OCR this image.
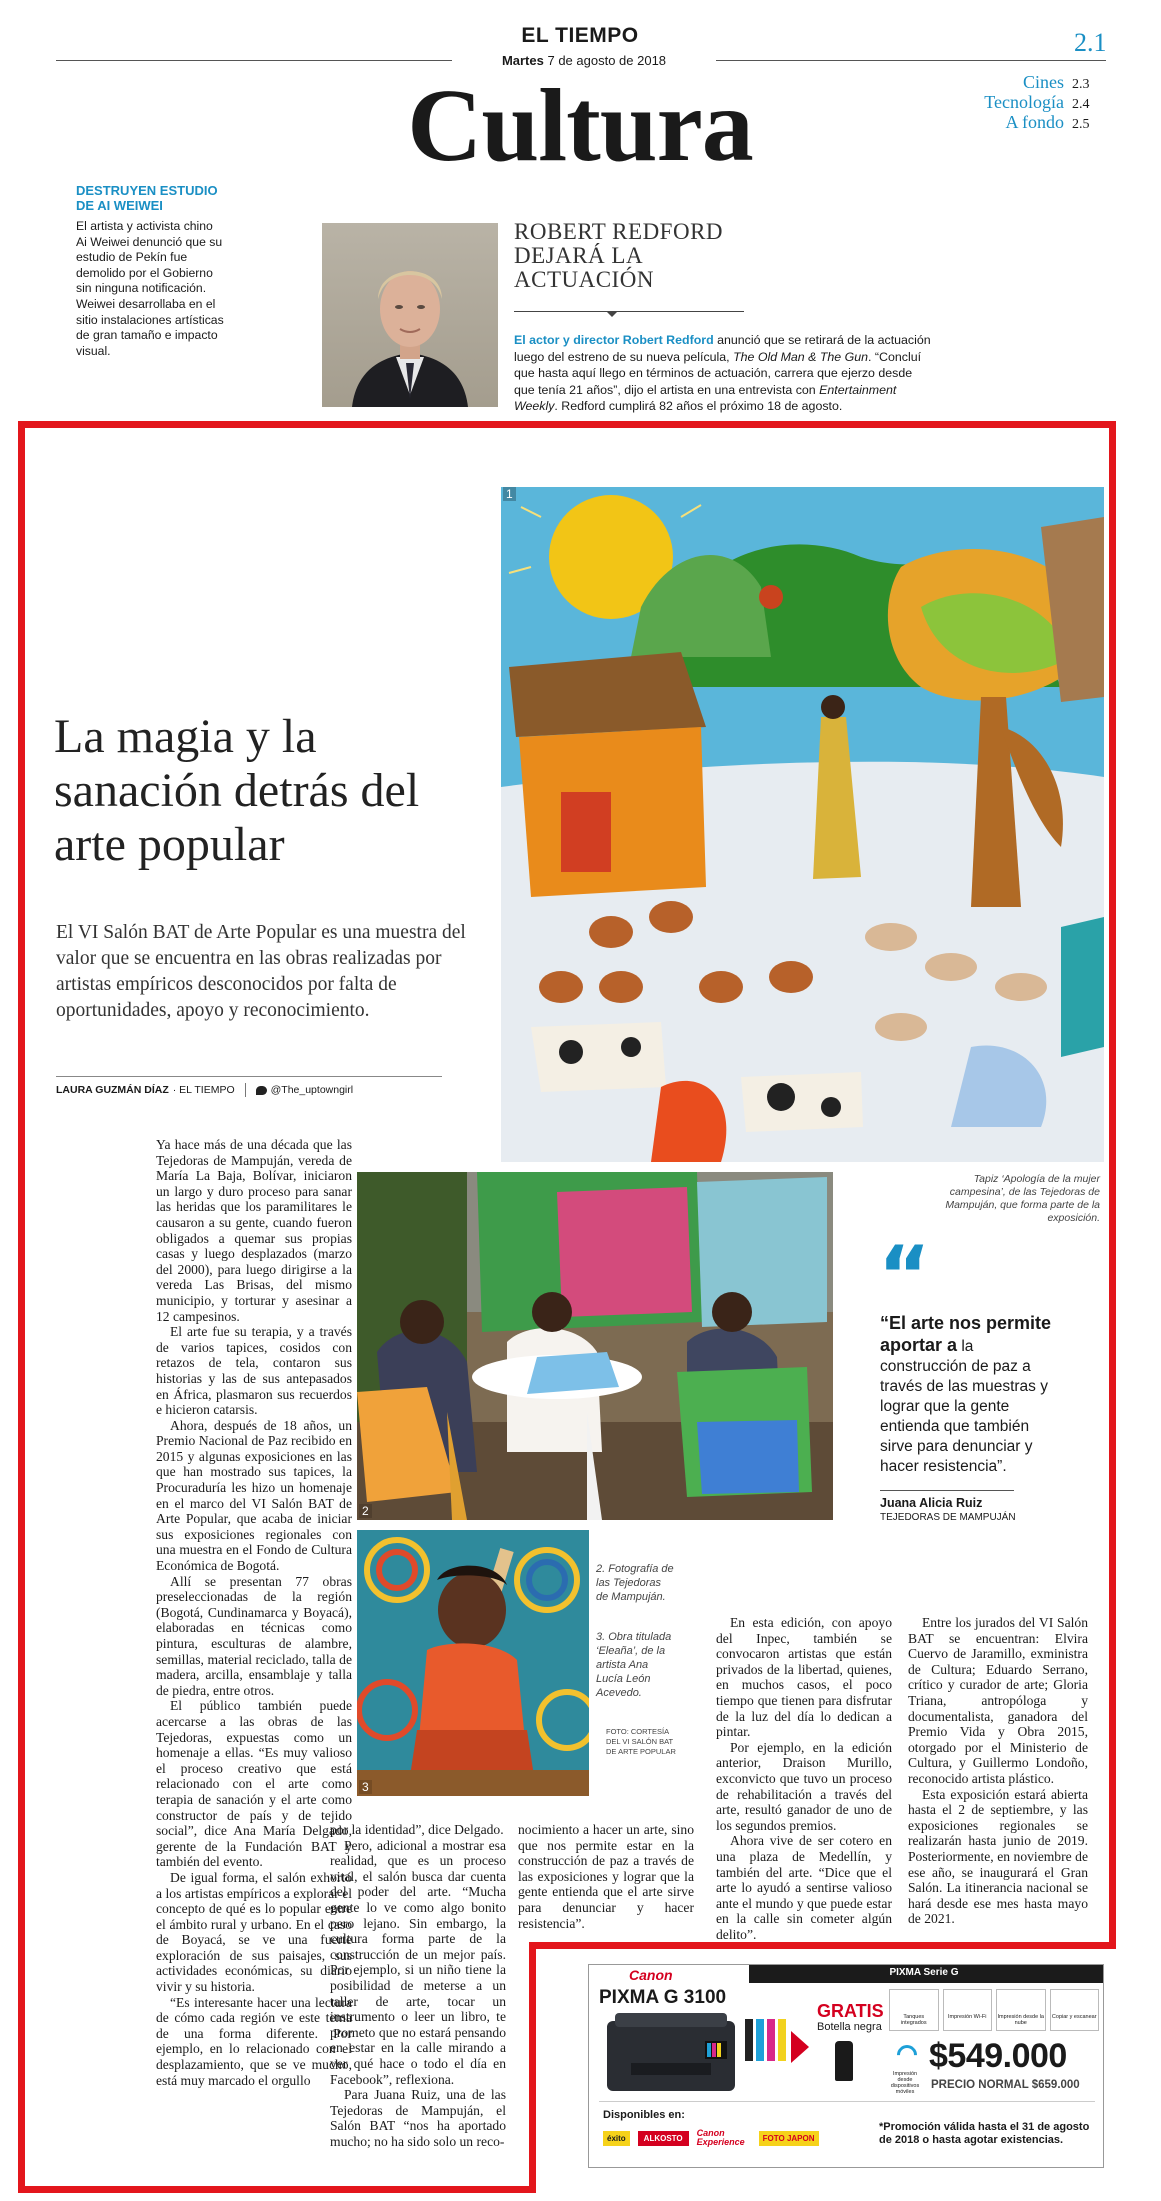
EL TIEMPO
Martes 7 de agosto de 2018
Cultura
2.1
Cines 2.3
Tecnología 2.4
A fondo 2.5
DESTRUYEN ESTUDIO DE AI WEIWEI
El artista y activista chino Ai Weiwei denunció que su estudio de Pekín fue demolido por el Gobierno sin ninguna notificación. Weiwei desarrollaba en el sitio instalaciones artísticas de gran tamaño e impacto visual.
ROBERT REDFORD DEJARÁ LA ACTUACIÓN
El actor y director Robert Redford anunció que se retirará de la actuación luego del estreno de su nueva película, The Old Man & The Gun. “Concluí que hasta aquí llego en términos de actuación, carrera que ejerzo desde que tenía 21 años”, dijo el artista en una entrevista con Entertainment Weekly. Redford cumplirá 82 años el próximo 18 de agosto.
La magia y la sanación detrás del arte popular
El VI Salón BAT de Arte Popular es una muestra del valor que se encuentra en las obras realizadas por artistas empíricos desconocidos por falta de oportunidades, apoyo y reconocimiento.
LAURA GUZMÁN DÍAZ · EL TIEMPO	@The_uptowngirl
1
Tapiz ‘Apología de la mujer campesina’, de las Tejedoras de Mampuján, que forma parte de la exposición.
2
“
“El arte nos permite aportar a la construcción de paz a través de las muestras y lograr que la gente entienda que también sirve para denunciar y hacer resistencia”.
Juana Alicia Ruiz
TEJEDORAS DE MAMPUJÁN
3
2. Fotografía de las Tejedoras de Mampuján.
3. Obra titulada ‘Eleaña’, de la artista Ana Lucía León Acevedo.
FOTO: CORTESÍA DEL VI SALÓN BAT DE ARTE POPULAR

Ya hace más de una década que las Tejedoras de Mampuján, vereda de María La Baja, Bolívar, iniciaron un largo y duro proceso para sanar las heridas que los paramilitares le causaron a su gente, cuando fueron obligados a quemar sus propias casas y luego desplazados (marzo del 2000), para luego dirigirse a la vereda Las Brisas, del mismo municipio, y torturar y asesinar a 12 campesinos.

El arte fue su terapia, y a través de varios tapices, cosidos con retazos de tela, contaron sus historias y las de sus antepasados en África, plasmaron sus recuerdos e hicieron catarsis.

Ahora, después de 18 años, un Premio Nacional de Paz recibido en 2015 y algunas exposiciones en las que han mostrado sus tapices, la Procuraduría les hizo un homenaje en el marco del VI Salón BAT de Arte Popular, que acaba de iniciar sus exposiciones regionales con una muestra en el Fondo de Cultura Económica de Bogotá.

Allí se presentan 77 obras preseleccionadas de la región (Bogotá, Cundinamarca y Boyacá), elaboradas en técnicas como pintura, esculturas de alambre, semillas, material reciclado, talla de madera, arcilla, ensamblaje y talla de piedra, entre otros.

El público también puede acercarse a las obras de las Tejedoras, expuestas como un homenaje a ellas. “Es muy valioso el proceso creativo que está relacionado con el arte como terapia de sanación y el arte como constructor de país y de tejido social”, dice Ana María Delgado, gerente de la Fundación BAT y también del evento.

De igual forma, el salón exhortó a los artistas empíricos a explorar el concepto de qué es lo popular entre el ámbito rural y urbano. En el caso de Boyacá, se ve una fuerte exploración de sus paisajes, sus actividades económicas, su diario vivir y su historia.

“Es interesante hacer una lectura de cómo cada región ve este tema de una forma diferente. Por ejemplo, en lo relacionado con el desplazamiento, que se ve mucho, está muy marcado el orgullo

por la identidad”, dice Delgado.

Pero, adicional a mostrar esa realidad, que es un proceso vital, el salón busca dar cuenta del poder del arte. “Mucha gente lo ve como algo bonito pero lejano. Sin embargo, la cultura forma parte de la construcción de un mejor país. Por ejemplo, si un niño tiene la posibilidad de meterse a un taller de arte, tocar un instrumento o leer un libro, te prometo que no estará pensando en estar en la calle mirando a ver qué hace o todo el día en Facebook”, reflexiona.

Para Juana Ruiz, una de las Tejedoras de Mampuján, el Salón BAT “nos ha aportado mucho; no ha sido solo un reco-

nocimiento a hacer un arte, sino que nos permite estar en la construcción de paz a través de las exposiciones y lograr que la gente entienda que el arte sirve para denunciar y hacer resistencia”.

En esta edición, con apoyo del Inpec, también se convocaron artistas que están privados de la libertad, quienes, en muchos casos, el poco tiempo que tienen para disfrutar de la luz del día lo dedican a pintar.

Por ejemplo, en la edición anterior, Draison Murillo, exconvicto que tuvo un proceso de rehabilitación a través del arte, resultó ganador de uno de los segundos premios.

Ahora vive de ser cotero en una plaza de Medellín, y también del arte. “Dice que el arte lo ayudó a sentirse valioso ante el mundo y que puede estar en la calle sin cometer algún delito”.

Entre los jurados del VI Salón BAT se encuentran: Elvira Cuervo de Jaramillo, exministra de Cultura; Eduardo Serrano, crítico y curador de arte; Gloria Triana, antropóloga y documentalista, ganadora del Premio Vida y Obra 2015, otorgado por el Ministerio de Cultura, y Guillermo Londoño, reconocido artista plástico.

Esta exposición estará abierta hasta el 2 de septiembre, y las exposiciones regionales se realizarán hasta junio de 2019. Posteriormente, en noviembre de ese año, se inaugurará el Gran Salón. La itinerancia nacional se hará desde ese mes hasta mayo de 2021.

PIXMA Serie G
Canon
PIXMA G 3100
GRATIS
Botella negra
Tanques integrados
Impresión Wi-Fi	Impresión desde la nube
Copiar y escanear
Impresión desde dispositivos móviles
$549.000
PRECIO NORMAL $659.000
Disponibles en:
éxito	ALKOSTO	Canon Experience	FOTO JAPON
*Promoción válida hasta el 31 de agosto de 2018 o hasta agotar existencias.
